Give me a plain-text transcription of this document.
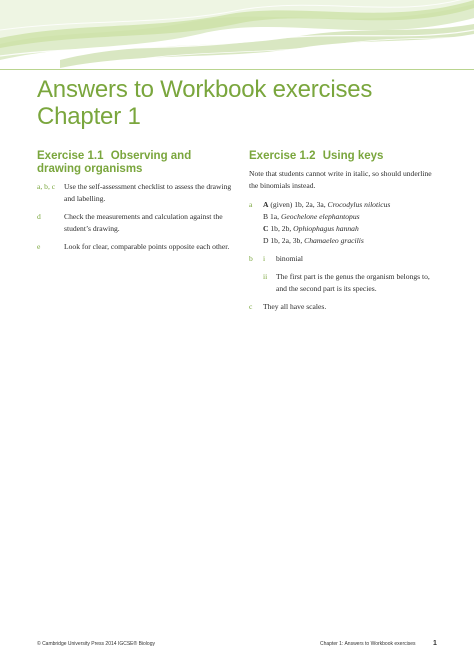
Answers to Workbook exercises
Chapter 1
Exercise 1.1 Observing and drawing organisms
a, b, c	Use the self-assessment checklist to assess the drawing and labelling.
d	Check the measurements and calculation against the student’s drawing.
e	Look for clear, comparable points opposite each other.
Exercise 1.2 Using keys

Note that students cannot write in italic, so should underline the binomials instead.

a	A (given) 1b, 2a, 3a, Crocodylus niloticus
B 1a, Geochelone elephantopus
C 1b, 2b, Ophiophagus hannah
D 1b, 2a, 3b, Chamaeleo gracilis
b	i	binomial
ii	The first part is the genus the organism belongs to, and the second part is its species.
c	They all have scales.
© Cambridge University Press 2014 IGCSE® Biology	Chapter 1: Answers to Workbook exercises 1
